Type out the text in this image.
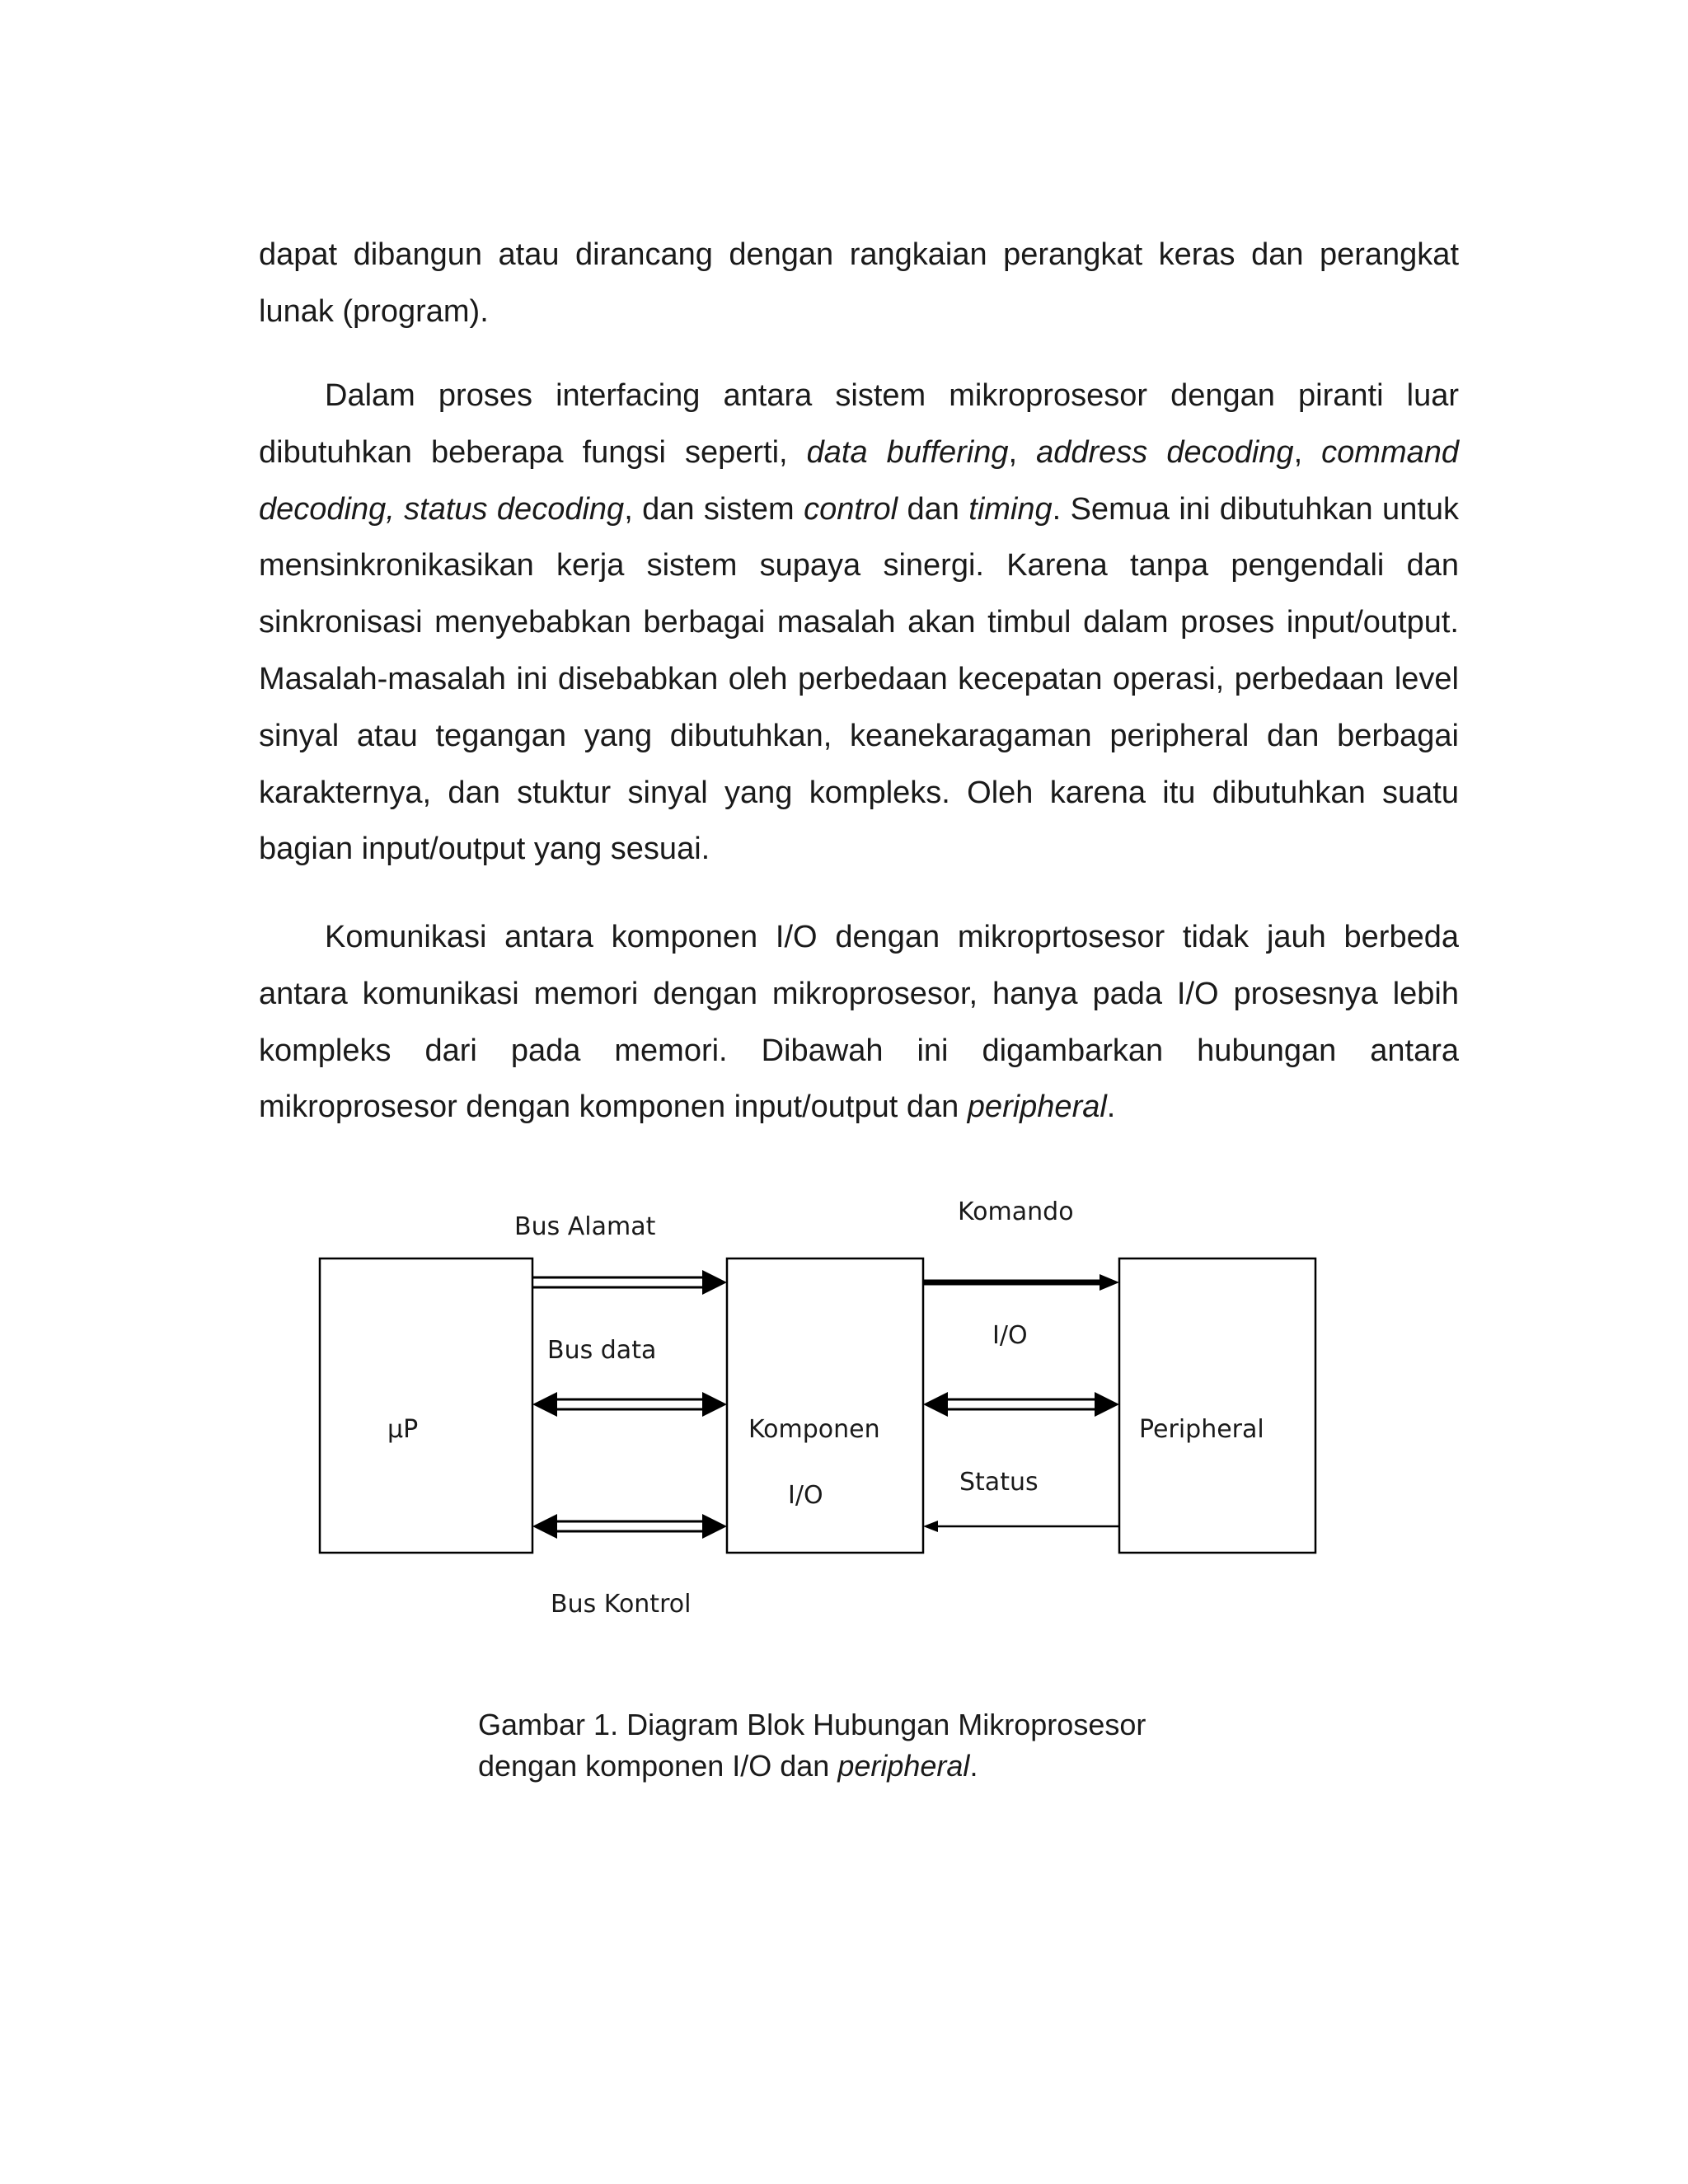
dapat dibangun atau dirancang dengan rangkaian perangkat keras dan perangkat lunak (program).
Dalam proses interfacing antara sistem mikroprosesor dengan piranti luar dibutuhkan beberapa fungsi seperti, data buffering, address decoding, command decoding, status decoding, dan sistem control dan timing. Semua ini dibutuhkan untuk mensinkronikasikan kerja sistem supaya sinergi. Karena tanpa pengendali dan sinkronisasi menyebabkan berbagai masalah akan timbul dalam proses input/output. Masalah-masalah ini disebabkan oleh perbedaan kecepatan operasi, perbedaan level sinyal atau tegangan yang dibutuhkan, keanekaragaman peripheral dan berbagai karakternya, dan stuktur sinyal yang kompleks. Oleh karena itu dibutuhkan suatu bagian input/output yang sesuai.
Komunikasi antara komponen I/O dengan mikroprtosesor tidak jauh berbeda antara komunikasi memori dengan mikroprosesor, hanya pada I/O prosesnya lebih kompleks dari pada memori. Dibawah ini digambarkan hubungan antara mikroprosesor dengan komponen input/output dan peripheral.
Bus Alamat
Bus data
Bus Kontrol
Komando
I/O
Status
µP	Komponen
I/O
Peripheral
Gambar 1. Diagram Blok Hubungan Mikroprosesor
dengan komponen I/O dan peripheral.
